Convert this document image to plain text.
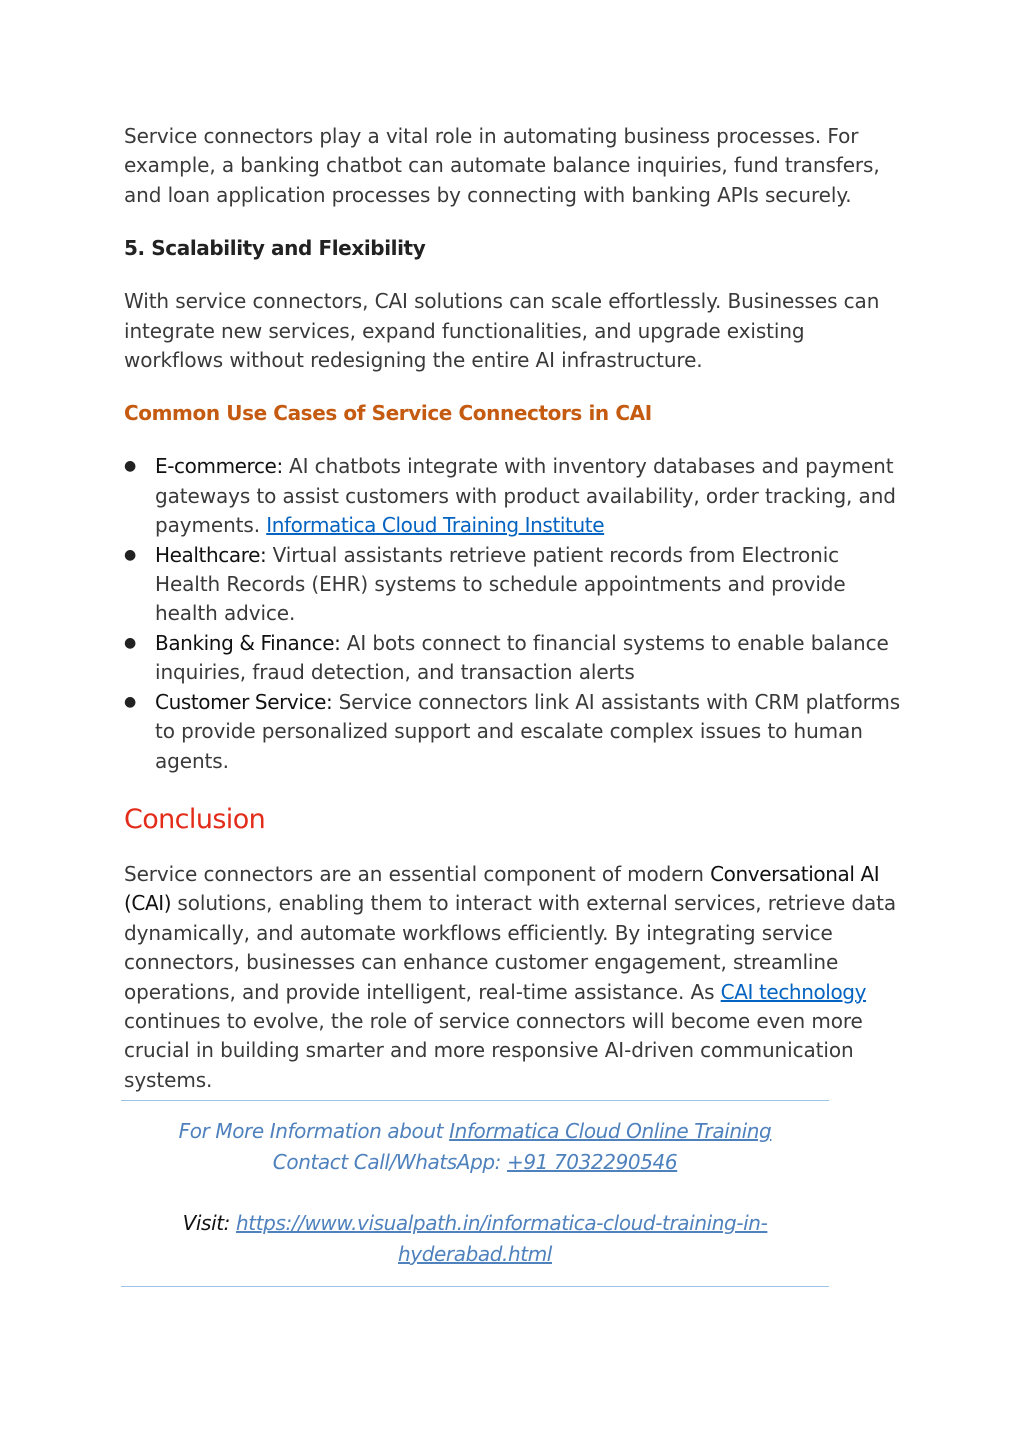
Service connectors play a vital role in automating business processes. For example, a banking chatbot can automate balance inquiries, fund transfers, and loan application processes by connecting with banking APIs securely.

5. Scalability and Flexibility

With service connectors, CAI solutions can scale effortlessly. Businesses can integrate new services, expand functionalities, and upgrade existing workflows without redesigning the entire AI infrastructure.

Common Use Cases of Service Connectors in CAI
● E-commerce: AI chatbots integrate with inventory databases and payment gateways to assist customers with product availability, order tracking, and payments. Informatica Cloud Training Institute
● Healthcare: Virtual assistants retrieve patient records from Electronic Health Records (EHR) systems to schedule appointments and provide health advice.
● Banking & Finance: AI bots connect to financial systems to enable balance inquiries, fraud detection, and transaction alerts
● Customer Service: Service connectors link AI assistants with CRM platforms to provide personalized support and escalate complex issues to human agents.
Conclusion

Service connectors are an essential component of modern Conversational AI (CAI) solutions, enabling them to interact with external services, retrieve data dynamically, and automate workflows efficiently. By integrating service connectors, businesses can enhance customer engagement, streamline operations, and provide intelligent, real-time assistance. As CAI technology continues to evolve, the role of service connectors will become even more crucial in building smarter and more responsive AI-driven communication systems.

For More Information about Informatica Cloud Online Training
Contact Call/WhatsApp: +91 7032290546
Visit: https://www.visualpath.in/informatica-cloud-training-in-
hyderabad.html
